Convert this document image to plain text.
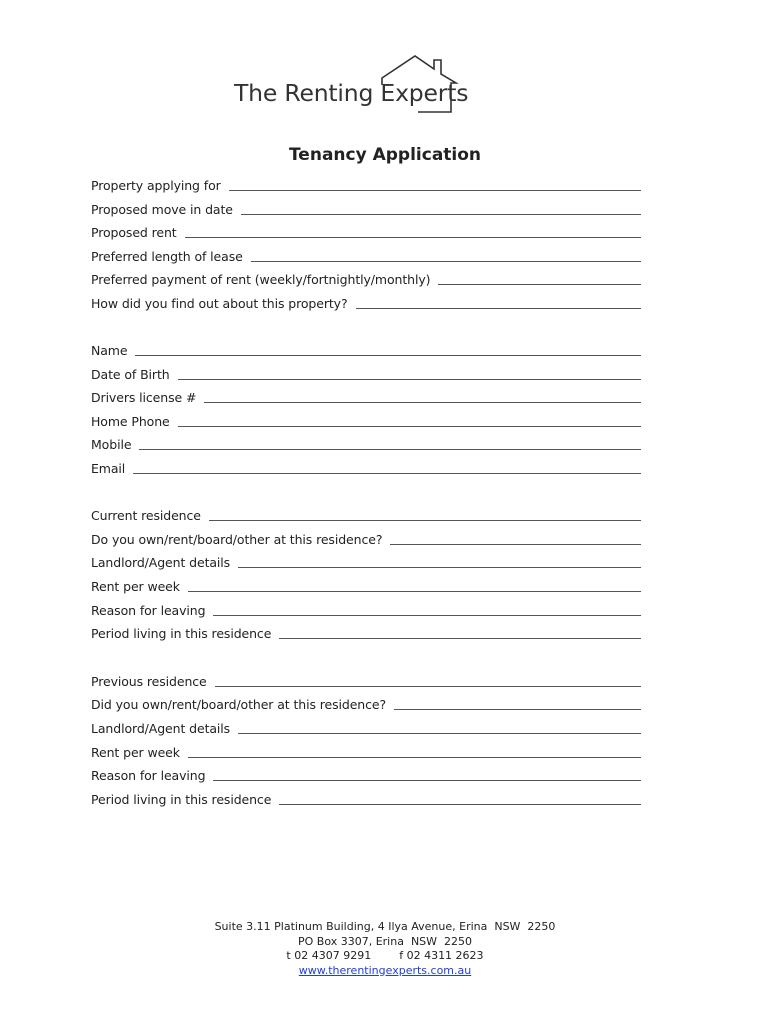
The Renting Experts
Tenancy Application
Property applying for
Proposed move in date
Proposed rent
Preferred length of lease
Preferred payment of rent (weekly/fortnightly/monthly)
How did you find out about this property?
Name
Date of Birth
Drivers license #
Home Phone
Mobile
Email
Current residence
Do you own/rent/board/other at this residence?
Landlord/Agent details
Rent per week
Reason for leaving
Period living in this residence
Previous residence
Did you own/rent/board/other at this residence?
Landlord/Agent details
Rent per week
Reason for leaving
Period living in this residence
Suite 3.11 Platinum Building, 4 Ilya Avenue, Erina  NSW  2250
PO Box 3307, Erina  NSW  2250
t 02 4307 9291	f 02 4311 2623
www.therentingexperts.com.au
